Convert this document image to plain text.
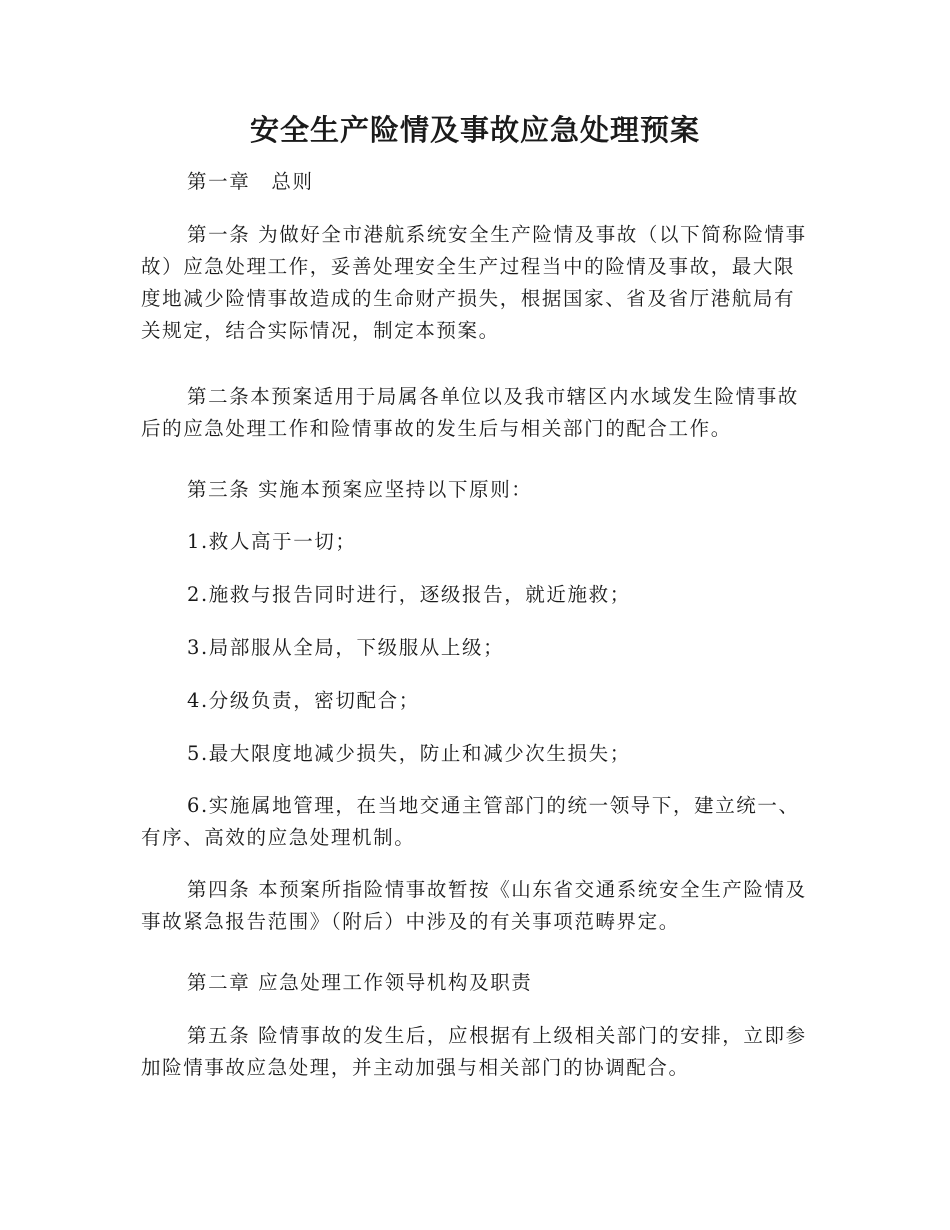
安全生产险情及事故应急处理预案

第一章　总则

第一条 为做好全市港航系统安全生产险情及事故（以下简称险情事故）应急处理工作，妥善处理安全生产过程当中的险情及事故，最大限度地减少险情事故造成的生命财产损失，根据国家、省及省厅港航局有关规定，结合实际情况，制定本预案。

第二条本预案适用于局属各单位以及我市辖区内水域发生险情事故后的应急处理工作和险情事故的发生后与相关部门的配合工作。

第三条 实施本预案应坚持以下原则：

1.救人高于一切；

2.施救与报告同时进行，逐级报告，就近施救；

3.局部服从全局，下级服从上级；

4.分级负责，密切配合；

5.最大限度地减少损失，防止和减少次生损失；

6.实施属地管理，在当地交通主管部门的统一领导下，建立统一、有序、高效的应急处理机制。

第四条 本预案所指险情事故暂按《山东省交通系统安全生产险情及事故紧急报告范围》（附后）中涉及的有关事项范畴界定。

第二章 应急处理工作领导机构及职责

第五条 险情事故的发生后，应根据有上级相关部门的安排，立即参加险情事故应急处理，并主动加强与相关部门的协调配合。
